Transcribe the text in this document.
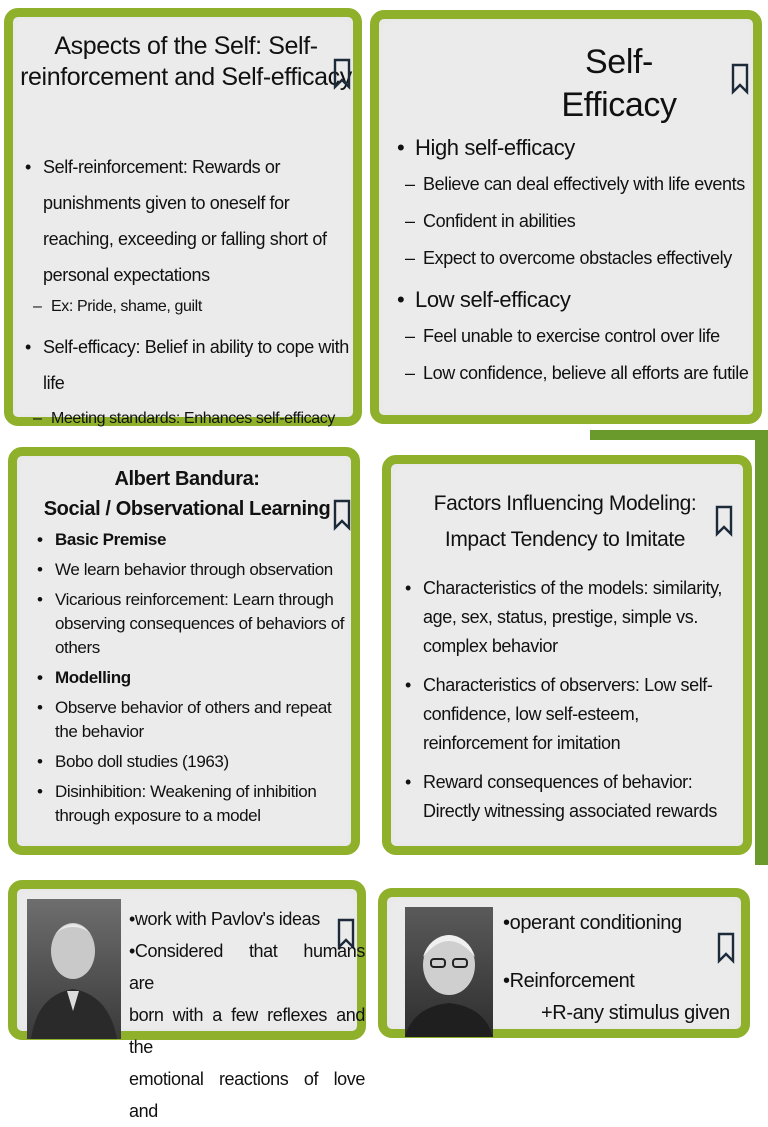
Aspects of the Self: Self-reinforcement and Self-efficacy
• Self-reinforcement: Rewards or punishments given to oneself for reaching, exceeding or falling short of personal expectations
– Ex: Pride, shame, guilt
• Self-efficacy: Belief in ability to cope with life
– Meeting standards: Enhances self-efficacy
–
Self-Efficacy
• High self-efficacy
– Believe can deal effectively with life events
– Confident in abilities
– Expect to overcome obstacles effectively
• Low self-efficacy
– Feel unable to exercise control over life
– Low confidence, believe all efforts are futile
Albert Bandura:
Social / Observational Learning
• Basic Premise
• We learn behavior through observation
• Vicarious reinforcement: Learn through observing consequences of behaviors of others
• Modelling
• Observe behavior of others and repeat the behavior
• Bobo doll studies (1963)
• Disinhibition: Weakening of inhibition through exposure to a model
Factors Influencing Modeling: Impact Tendency to Imitate
• Characteristics of the models: similarity, age, sex, status, prestige, simple vs. complex behavior
• Characteristics of observers: Low self-confidence, low self-esteem, reinforcement for imitation
• Reward consequences of behavior: Directly witnessing associated rewards
•work with Pavlov's ideas
•Considered that humans are
born with a few reflexes and the
emotional reactions of love and
•operant conditioning
•Reinforcement
+R-any stimulus given
